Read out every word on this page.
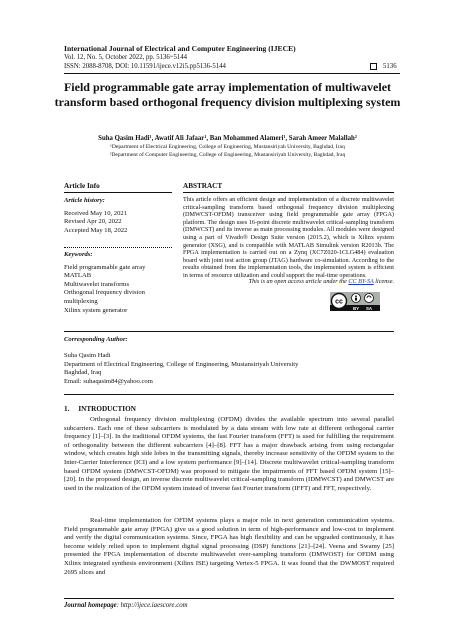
International Journal of Electrical and Computer Engineering (IJECE)
Vol. 12, No. 5, October 2022, pp. 5136~5144
ISSN: 2088-8708, DOI: 10.11591/ijece.v12i5.pp5136-5144	5136
Field programmable gate array implementation of multiwavelet transform based orthogonal frequency division multiplexing system
Suha Qasim Hadi¹, Awatif Ali Jafaar¹, Ban Mohammed Alameri¹, Sarah Ameer Malallah²
¹Department of Electrical Engineering, College of Engineering, Mustansiriyah University, Baghdad, Iraq
²Department of Computer Engineering, College of Engineering, Mustansiriyah University, Baghdad, Iraq
Article Info	ABSTRACT
Article history:
Received May 10, 2021
Revised Apr 20, 2022
Accepted May 18, 2022
Keywords:
Field programmable gate array
MATLAB
Multiwavelet transforms
Orthogonal frequency division multiplexing
Xilinx system generator
This article offers an efficient design and implementation of a discrete multiwavelet critical-sampling transform based orthogonal frequency division multiplexing (DMWCST-OFDM) transceiver using field programmable gate array (FPGA) platform. The design uses 16-point discrete multiwavelet critical-sampling transform (DMWCST) and its inverse as main processing modules. All modules were designed using a part of Vivado® Design Suite version (2015.2), which is Xilinx system generator (XSG), and is compatible with MATLAB Simulink version R2013b. The FPGA implementation is carried out on a Zynq (XC7Z020-1CLG484) evaluation board with joint test action group (JTAG) hardware co-simulation. According to the results obtained from the implementation tools, the implemented system is efficient in terms of resource utilization and could support the real-time operations.
This is an open access article under the CC BY-SA license.
cc
BY SA
Corresponding Author:
Suha Qasim Hadi
Department of Electrical Engineering, College of Engineering, Mustansiriyah University
Baghdad, Iraq
Email: suhaqasim84@yahoo.com
1.     INTRODUCTION
Orthogonal frequency division multiplexing (OFDM) divides the available spectrum into several parallel subcarriers. Each one of these subcarriers is modulated by a data stream with low rate at different orthogonal carrier frequency [1]–[3]. In the traditional OFDM systems, the fast Fourier transform (FFT) is used for fulfilling the requirement of orthogonality between the different subcarriers [4]–[8]. FFT has a major drawback arising from using rectangular window, which creates high side lobes in the transmitting signals, thereby increase sensitivity of the OFDM system to the Inter-Carrier Interference (ICI) and a low system performance [9]–[14]. Discrete multiwavelet critical-sampling transform based OFDM system (DMWCST-OFDM) was proposed to mitigate the impairments of FFT based OFDM system [15]–[20]. In the proposed design, an inverse discrete multiwavelet critical-sampling transform (IDMWCST) and DMWCST are used in the realization of the OFDM system instead of inverse fast Fourier transform (IFFT) and FFT, respectively.
Real-time implementation for OFDM systems plays a major role in next generation communication systems. Field programmable gate array (FPGA) give us a good solution in term of high-performance and low-cost to implement and verify the digital communication systems. Since, FPGA has high flexibility and can be upgraded continuously, it has become widely relied upon to implement digital signal processing (DSP) functions [21]–[24]. Veena and Swamy [25] presented the FPGA implementation of discrete multiwavelet over-sampling transform (DMWOST) for OFDM using Xilinx integrated synthesis environment (Xilinx ISE) targeting Vertex-5 FPGA. It was found that the DWMOST required 2695 slices and
Journal homepage: http://ijece.iaescore.com
